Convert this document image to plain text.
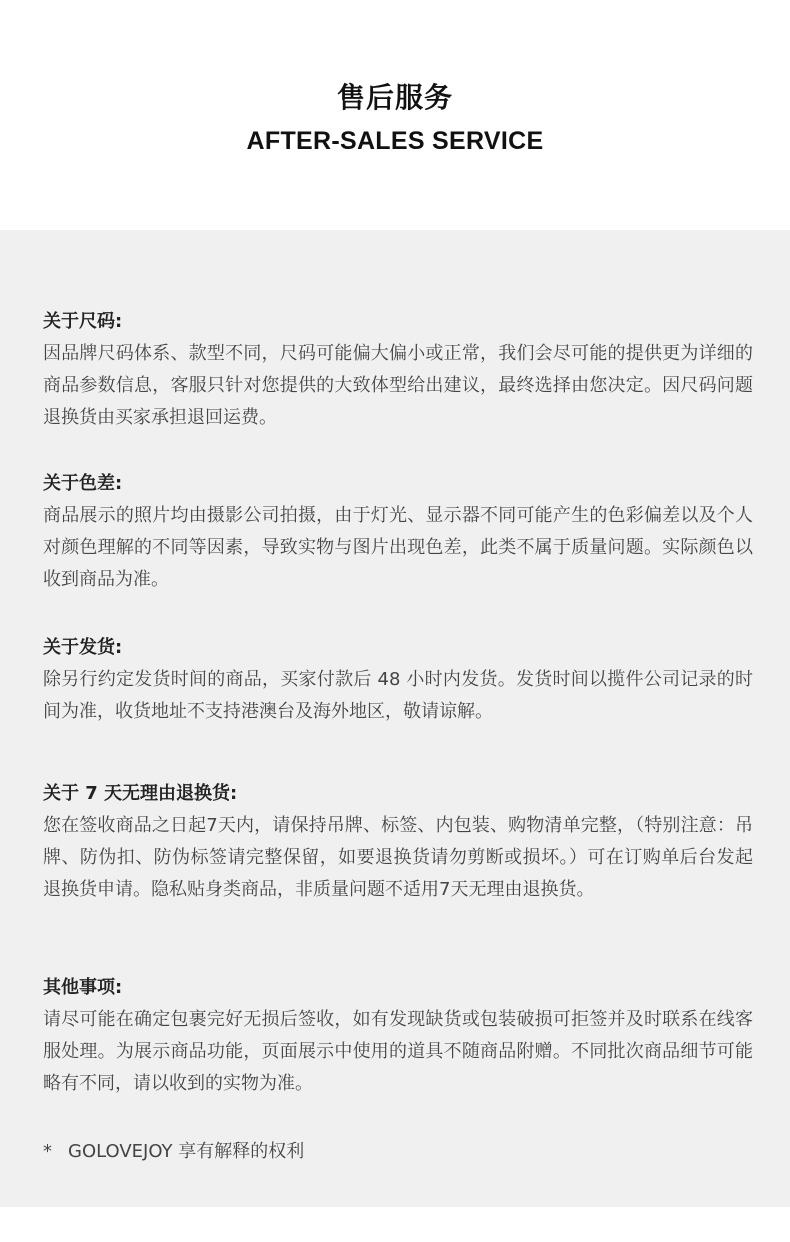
售后服务
AFTER-SALES SERVICE
关于尺码:
因品牌尺码体系、款型不同，尺码可能偏大偏小或正常，我们会尽可能的提供更为详细的商品参数信息，客服只针对您提供的大致体型给出建议，最终选择由您决定。因尺码问题退换货由买家承担退回运费。
关于色差:
商品展示的照片均由摄影公司拍摄，由于灯光、显示器不同可能产生的色彩偏差以及个人对颜色理解的不同等因素，导致实物与图片出现色差，此类不属于质量问题。实际颜色以收到商品为准。
关于发货:
除另行约定发货时间的商品，买家付款后 48 小时内发货。发货时间以揽件公司记录的时间为准，收货地址不支持港澳台及海外地区，敬请谅解。
关于 7 天无理由退换货:
您在签收商品之日起7天内，请保持吊牌、标签、内包装、购物清单完整，（特别注意：吊牌、防伪扣、防伪标签请完整保留，如要退换货请勿剪断或损坏。）可在订购单后台发起退换货申请。隐私贴身类商品，非质量问题不适用7天无理由退换货。
其他事项:
请尽可能在确定包裹完好无损后签收，如有发现缺货或包装破损可拒签并及时联系在线客服处理。为展示商品功能，页面展示中使用的道具不随商品附赠。不同批次商品细节可能略有不同，请以收到的实物为准。
* GOLOVEJOY 享有解释的权利
